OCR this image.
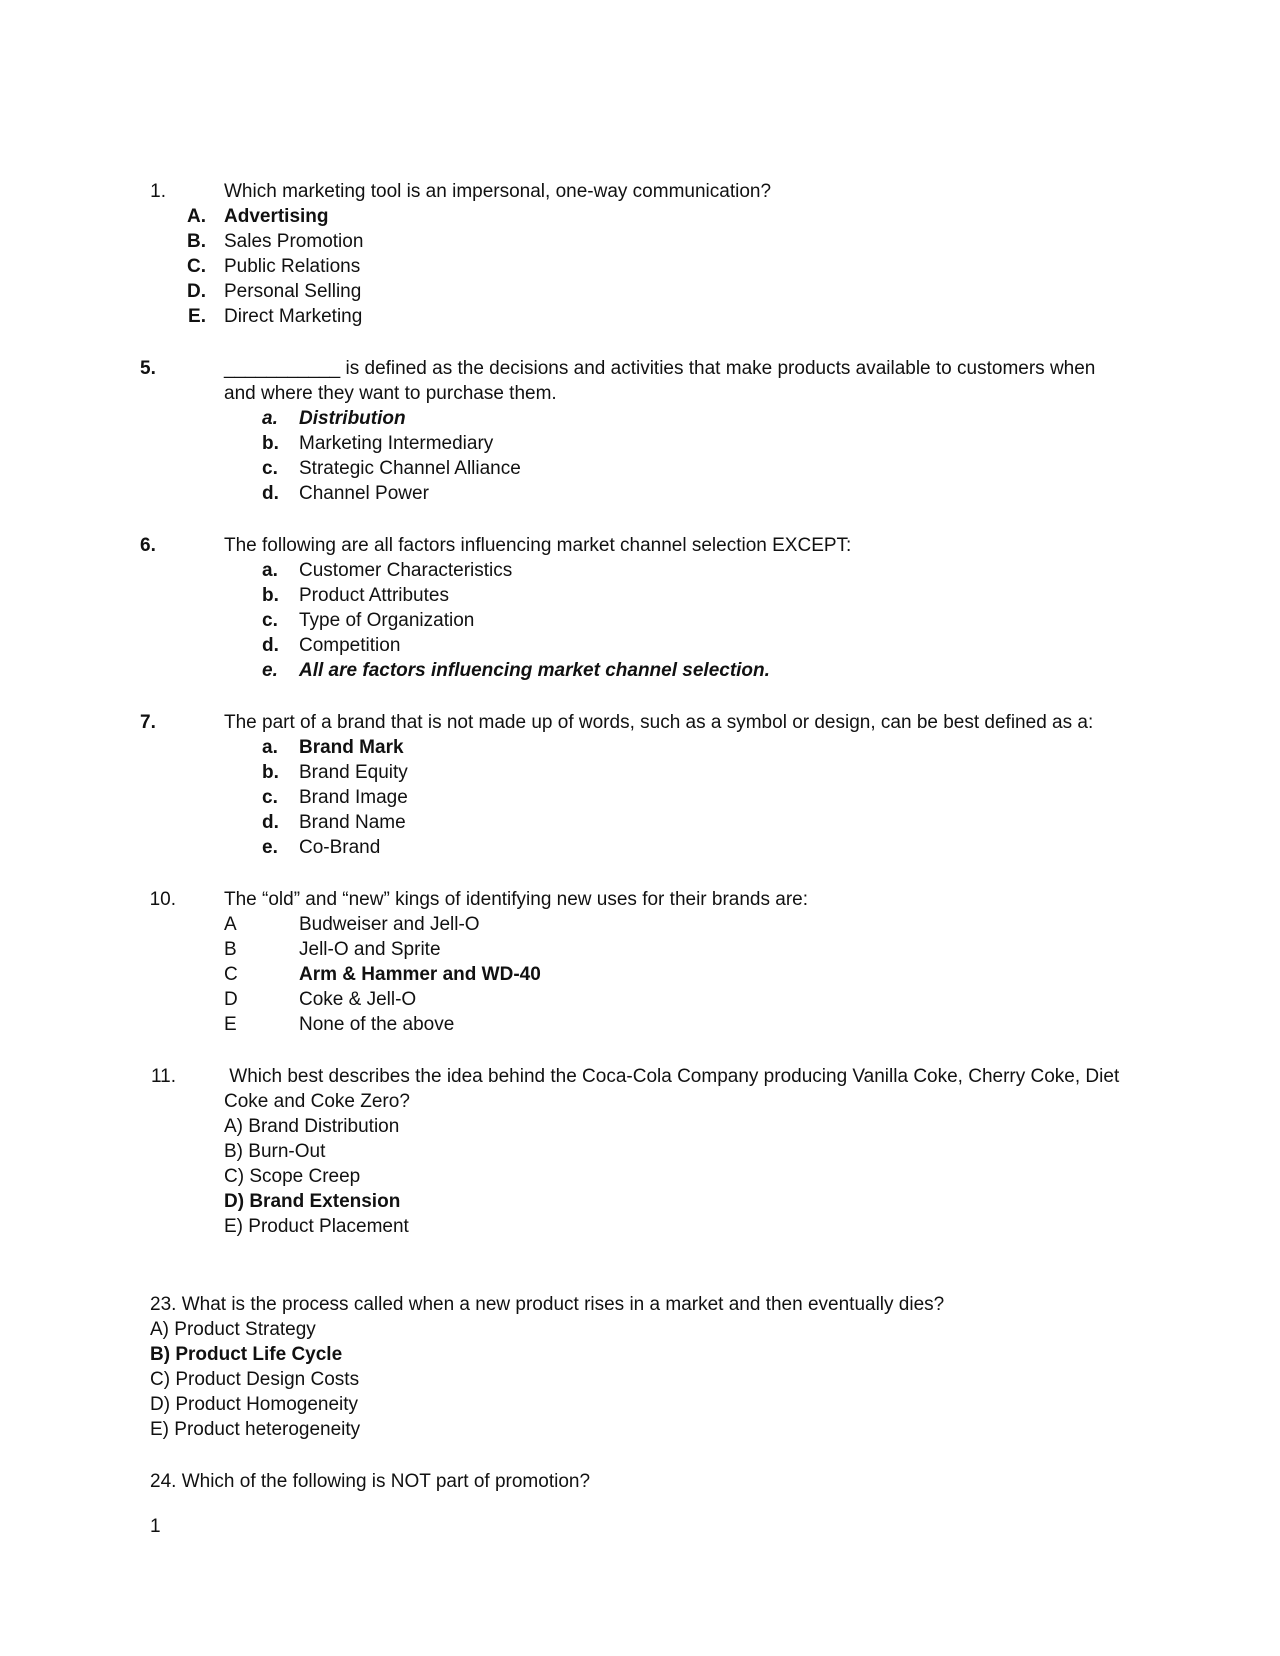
1.	Which marketing tool is an impersonal, one-way communication?
A. Advertising
B. Sales Promotion
C. Public Relations
D. Personal Selling
E. Direct Marketing
5.	___________ is defined as the decisions and activities that make products available to customers when
and where they want to purchase them.
a. Distribution
b. Marketing Intermediary
c. Strategic Channel Alliance
d. Channel Power
6.	The following are all factors influencing market channel selection EXCEPT:
a. Customer Characteristics
b. Product Attributes
c. Type of Organization
d. Competition
e. All are factors influencing market channel selection.
7.	The part of a brand that is not made up of words, such as a symbol or design, can be best defined as a:
a. Brand Mark
b. Brand Equity
c. Brand Image
d. Brand Name
e. Co-Brand
10.	The “old” and “new” kings of identifying new uses for their brands are:
A	Budweiser and Jell-O
B	Jell-O and Sprite
C	Arm & Hammer and WD-40
D	Coke & Jell-O
E	None of the above
11.	Which best describes the idea behind the Coca-Cola Company producing Vanilla Coke, Cherry Coke, Diet
Coke and Coke Zero?
A) Brand Distribution
B) Burn-Out
C) Scope Creep
D) Brand Extension
E) Product Placement
23. What is the process called when a new product rises in a market and then eventually dies?
A) Product Strategy
B) Product Life Cycle
C) Product Design Costs
D) Product Homogeneity
E) Product heterogeneity
24. Which of the following is NOT part of promotion?
1
